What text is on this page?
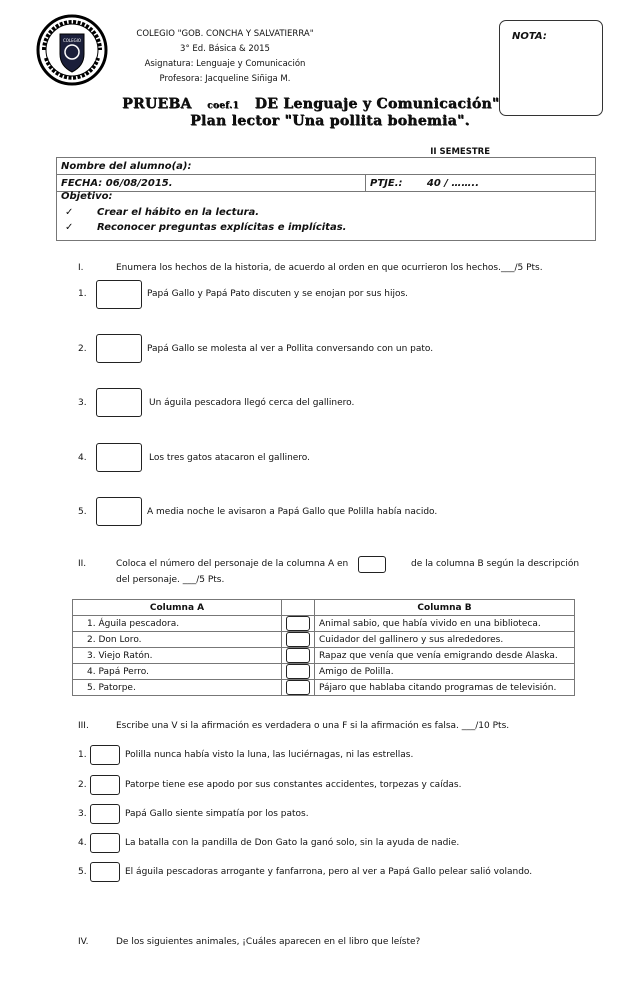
COLEGIO
COLEGIO "GOB. CONCHA Y SALVATIERRA"
3° Ed. Básica & 2015
Asignatura: Lenguaje y Comunicación
Profesora: Jacqueline Siñiga M.
NOTA:
PRUEBA coef.1 DE Lenguaje y Comunicación"
Plan lector "Una pollita bohemia".
II SEMESTRE
Nombre del alumno(a):
FECHA: 06/08/2015.	PTJE.: 40 / ……..
Objetivo:
✓ Crear el hábito en la lectura.
✓ Reconocer preguntas explícitas e implícitas.
I.	Enumera los hechos de la historia, de acuerdo al orden en que ocurrieron los hechos.___/5 Pts.
1.	Papá Gallo y Papá Pato discuten y se enojan por sus hijos.
2.	Papá Gallo se molesta al ver a Pollita conversando con un pato.
3.	Un águila pescadora llegó cerca del gallinero.
4.	Los tres gatos atacaron el gallinero.
5.	A media noche le avisaron a Papá Gallo que Polilla había nacido.
II.	Coloca el número del personaje de la columna A en	de la columna B según la descripción
del personaje. ___/5 Pts.
Columna A		Columna B
1. Águila pescadora.		Animal sabio, que había vivido en una biblioteca.
2. Don Loro.		Cuidador del gallinero y sus alrededores.
3. Viejo Ratón.		Rapaz que venía que venía emigrando desde Alaska.
4. Papá Perro.		Amigo de Polilla.
5. Patorpe.		Pájaro que hablaba citando programas de televisión.
III.	Escribe una V si la afirmación es verdadera o una F si la afirmación es falsa. ___/10 Pts.
1.	Polilla nunca había visto la luna, las luciérnagas, ni las estrellas.
2.	Patorpe tiene ese apodo por sus constantes accidentes, torpezas y caídas.
3.	Papá Gallo siente simpatía por los patos.
4.	La batalla con la pandilla de Don Gato la ganó solo, sin la ayuda de nadie.
5.	El águila pescadoras arrogante y fanfarrona, pero al ver a Papá Gallo pelear salió volando.
IV.	De los siguientes animales, ¡Cuáles aparecen en el libro que leíste?
